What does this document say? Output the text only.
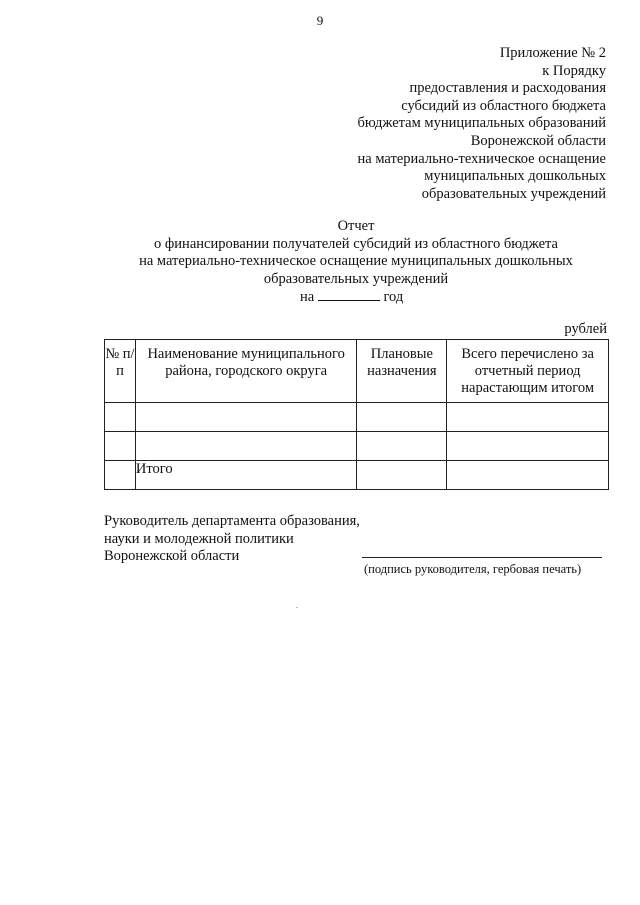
9
Приложение № 2
к Порядку
предоставления и расходования
субсидий из областного бюджета
бюджетам муниципальных образований
Воронежской области
на материально-техническое оснащение
муниципальных дошкольных
образовательных учреждений
Отчет
о финансировании получателей субсидий из областного бюджета
на материально-техническое оснащение муниципальных дошкольных
образовательных учреждений
на	год
рублей
№ п/п	Наименование муниципального района, городского округа	Плановые назначения	Всего перечислено за отчетный период нарастающим итогом

	Итого		
Руководитель департамента образования,
науки и молодежной политики
Воронежской области
(подпись руководителя, гербовая печать)
